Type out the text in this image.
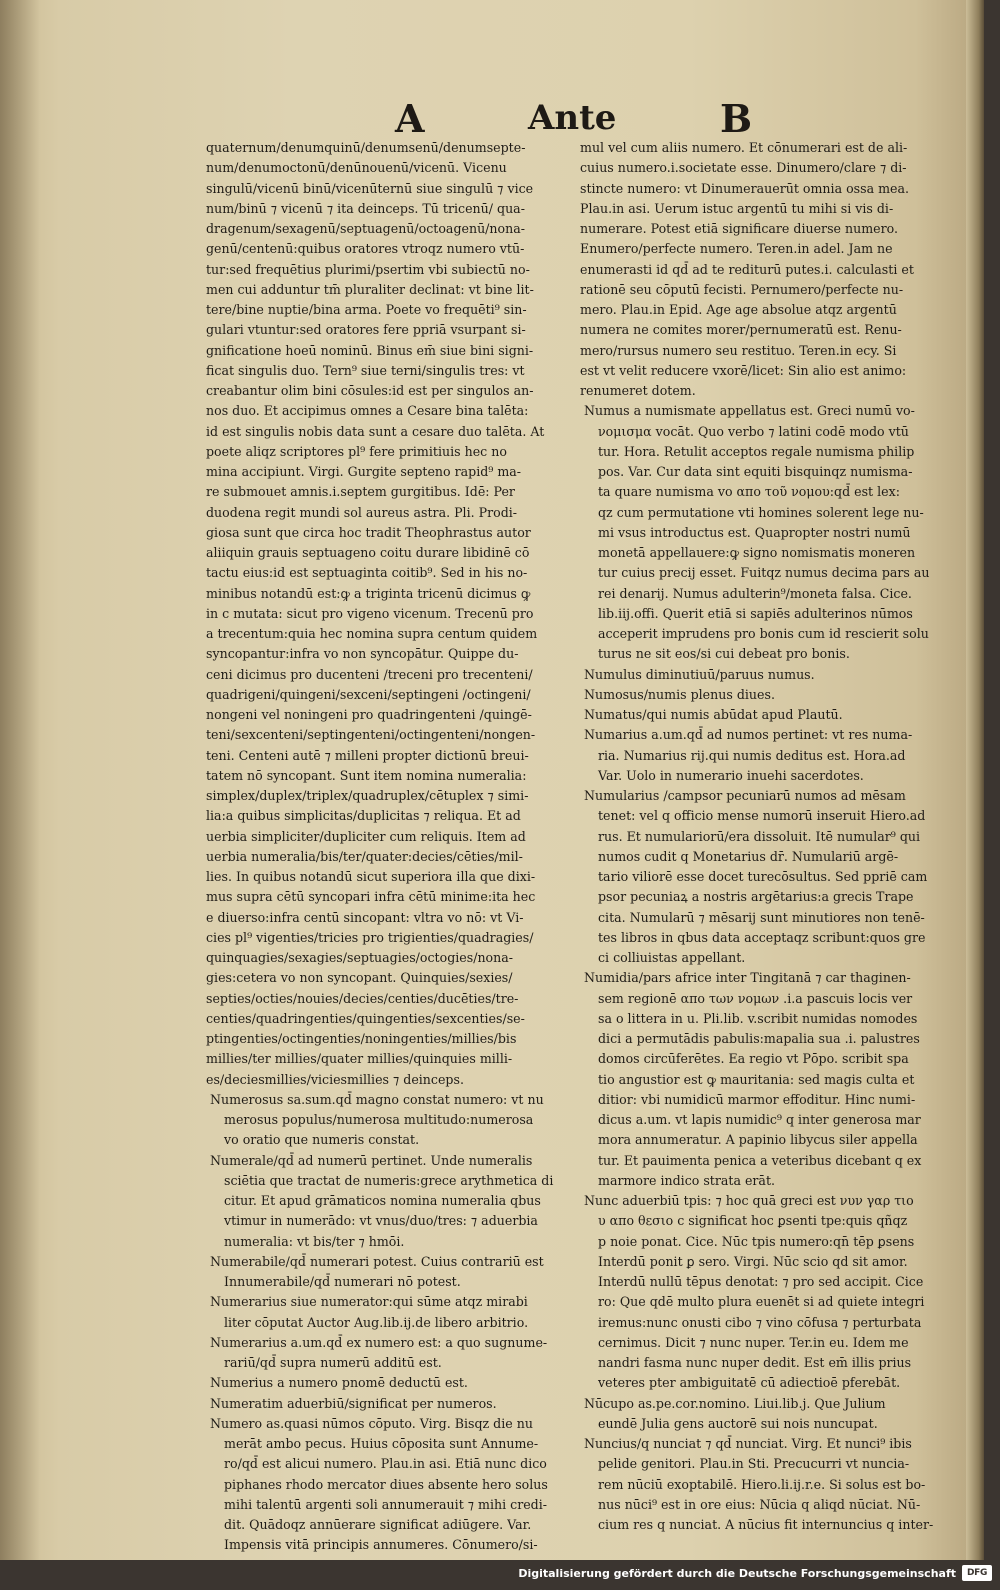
A	Ante	B

quaternum/denumquinū/denumsenū/denumsepte-
num/denumoctonū/denūnouenū/vicenū. Vicenu
singulū/vicenū binū/vicenūternū siue singulū ⁊ vice
num/binū ⁊ vicenū ⁊ ita deinceps. Tū tricenū/ qua-
dragenum/sexagenū/septuagenū/octoagenū/nona-
genū/centenū:quibus oratores vtroqz numero vtū-
tur:sed frequētius plurimi/psertim vbi subiectū no-
men cui adduntur tm̄ pluraliter declinat: vt bine lit-
tere/bine nuptie/bina arma. Poete vo frequēti⁹ sin-
gulari vtuntur:sed oratores fere ppriā vsurpant si-
gnificatione hoeū nominū. Binus em̄ siue bini signi-
ficat singulis duo. Tern⁹ siue terni/singulis tres: vt
creabantur olim bini cōsules:id est per singulos an-
nos duo. Et accipimus omnes a Cesare bina talēta:
id est singulis nobis data sunt a cesare duo talēta. At
poete aliqz scriptores pl⁹ fere primitiuis hec no
mina accipiunt. Virgi. Gurgite septeno rapid⁹ ma-
re submouet amnis.i.septem gurgitibus. Idē: Per
duodena regit mundi sol aureus astra. Pli. Prodi-
giosa sunt que circa hoc tradit Theophrastus autor
aliiquin grauis septuageno coitu durare libidinē cō
tactu eius:id est septuaginta coitib⁹. Sed in his no-
minibus notandū est:ꝙ a triginta tricenū dicimus ꝙ
in c mutata: sicut pro vigeno vicenum. Trecenū pro
a trecentum:quia hec nomina supra centum quidem
syncopantur:infra vo non syncopātur. Quippe du-
ceni dicimus pro ducenteni /treceni pro trecenteni/
quadrigeni/quingeni/sexceni/septingeni /octingeni/
nongeni vel noningeni pro quadringenteni /quingē-
teni/sexcenteni/septingenteni/octingenteni/nongen-
teni. Centeni autē ⁊ milleni propter dictionū breui-
tatem nō syncopant. Sunt item nomina numeralia:
simplex/duplex/triplex/quadruplex/cētuplex ⁊ simi-
lia:a quibus simplicitas/duplicitas ⁊ reliqua. Et ad
uerbia simpliciter/dupliciter cum reliquis. Item ad
uerbia numeralia/bis/ter/quater:decies/cēties/mil-
lies. In quibus notandū sicut superiora illa que dixi-
mus supra cētū syncopari infra cētū minime:ita hec
e diuerso:infra centū sincopant: vltra vo nō: vt Vi-
cies pl⁹ vigenties/tricies pro trigienties/quadragies/
quinquagies/sexagies/septuagies/octogies/nona-
gies:cetera vo non syncopant. Quinquies/sexies/
septies/octies/nouies/decies/centies/ducēties/tre-
centies/quadringenties/quingenties/sexcenties/se-
ptingenties/octingenties/noningenties/millies/bis
millies/ter millies/quater millies/quinquies milli-
es/deciesmillies/viciesmillies ⁊ deinceps.

Numerosus sa.sum.qd̄ magno constat numero: vt nu
merosus populus/numerosa multitudo:numerosa
vo oratio que numeris constat.

Numerale/qd̄ ad numerū pertinet. Unde numeralis
sciētia que tractat de numeris:grece arythmetica di
citur. Et apud grāmaticos nomina numeralia qbus
vtimur in numerādo: vt vnus/duo/tres: ⁊ aduerbia
numeralia: vt bis/ter ⁊ hmōi.

Numerabile/qd̄ numerari potest. Cuius contrariū est
Innumerabile/qd̄ numerari nō potest.

Numerarius siue numerator:qui sūme atqz mirabi
liter cōputat Auctor Aug.lib.ij.de libero arbitrio.

Numerarius a.um.qd̄ ex numero est: a quo sugnume-
rariū/qd̄ supra numerū additū est.

Numerius a numero pnomē deductū est.

Numeratim aduerbiū/significat per numeros.

Numero as.quasi nūmos cōputo. Virg. Bisqz die nu
merāt ambo pecus. Huius cōposita sunt Annume-
ro/qd̄ est alicui numero. Plau.in asi. Etiā nunc dico
piphanes rhodo mercator diues absente hero solus
mihi talentū argenti soli annumerauit ⁊ mihi credi-
dit. Quādoqz annūerare significat adiūgere. Var.
Impensis vitā principis annumeres. Cōnumero/si-

mul vel cum aliis numero. Et cōnumerari est de ali-
cuius numero.i.societate esse. Dinumero/clare ⁊ di-
stincte numero: vt Dinumerauerūt omnia ossa mea.
Plau.in asi. Uerum istuc argentū tu mihi si vis di-
numerare. Potest etiā significare diuerse numero.
Enumero/perfecte numero. Teren.in adel. Jam ne
enumerasti id qd̄ ad te rediturū putes.i. calculasti et
rationē seu cōputū fecisti. Pernumero/perfecte nu-
mero. Plau.in Epid. Age age absolue atqz argentū
numera ne comites morer/pernumeratū est. Renu-
mero/rursus numero seu restituo. Teren.in ecy. Si
est vt velit reducere vxorē/licet: Sin alio est animo:
renumeret dotem.

Numus a numismate appellatus est. Greci numū vo-
νομισμα vocāt. Quo verbo ⁊ latini codē modo vtū
tur. Hora. Retulit acceptos regale numisma philip
pos. Var. Cur data sint equiti bisquinqz numisma-
ta quare numisma vo απο τοῦ νομου:qd̄ est lex:
qz cum permutatione vti homines solerent lege nu-
mi vsus introductus est. Quapropter nostri numū
monetā appellauere:ꝙ signo nomismatis moneren
tur cuius precij esset. Fuitqz numus decima pars au
rei denarij. Numus adulterin⁹/moneta falsa. Cice.
lib.iij.offi. Querit etiā si sapiēs adulterinos nūmos
acceperit imprudens pro bonis cum id rescierit solu
turus ne sit eos/si cui debeat pro bonis.

Numulus diminutiuū/paruus numus.

Numosus/numis plenus diues.

Numatus/qui numis abūdat apud Plautū.

Numarius a.um.qd̄ ad numos pertinet: vt res numa-
ria. Numarius rij.qui numis deditus est. Hora.ad
Var. Uolo in numerario inuehi sacerdotes.

Numularius /campsor pecuniarū numos ad mēsam
tenet: vel q officio mense numorū inseruit Hiero.ad
rus. Et numulariorū/era dissoluit. Itē numular⁹ qui
numos cudit q Monetarius dr̄. Numulariū argē-
tario viliorē esse docet turecōsultus. Sed ppriē cam
psor pecuniaꝝ a nostris argētarius:a grecis Trape
cita. Numularū ⁊ mēsarij sunt minutiores non tenē-
tes libros in qbus data acceptaqz scribunt:quos gre
ci colliuistas appellant.

Numidia/pars africe inter Tingitanā ⁊ car thaginen-
sem regionē απο των νομων .i.a pascuis locis ver
sa o littera in u. Pli.lib. v.scribit numidas nomodes
dici a permutādis pabulis:mapalia sua .i. palustres
domos circūferētes. Ea regio vt Pōpo. scribit spa
tio angustior est ꝙ mauritania: sed magis culta et
ditior: vbi numidicū marmor effoditur. Hinc numi-
dicus a.um. vt lapis numidic⁹ q inter generosa mar
mora annumeratur. A papinio libycus siler appella
tur. Et pauimenta penica a veteribus dicebant q ex
marmore indico strata erāt.

Nunc aduerbiū tpis: ⁊ hoc quā greci est νυν γαρ τιο
υ απο θεσιο c significat hoc ꝑsenti tpe:quis qñqz
p noie ponat. Cice. Nūc tpis numero:qn̄ tēp ꝑsens
Interdū ponit ꝑ sero. Virgi. Nūc scio qd sit amor.
Interdū nullū tēpus denotat: ⁊ pro sed accipit. Cice
ro: Que qdē multo plura euenēt si ad quiete integri
iremus:nunc onusti cibo ⁊ vino cōfusa ⁊ perturbata
cernimus. Dicit ⁊ nunc nuper. Ter.in eu. Idem me
nandri fasma nunc nuper dedit. Est em̄ illis prius
veteres pter ambiguitatē cū adiectioē pferebāt.

Nūcupo as.pe.cor.nomino. Liui.lib.j. Que Julium
eundē Julia gens auctorē sui nois nuncupat.

Nuncius/q nunciat ⁊ qd̄ nunciat. Virg. Et nunci⁹ ibis
pelide genitori. Plau.in Sti. Precucurri vt nuncia-
rem nūciū exoptabilē. Hiero.li.ij.r.e. Si solus est bo-
nus nūci⁹ est in ore eius: Nūcia q aliqd nūciat. Nū-
cium res q nunciat. A nūcius fit internuncius q inter-

Digitalisierung gefördert durch die Deutsche Forschungsgemeinschaft	DFG
